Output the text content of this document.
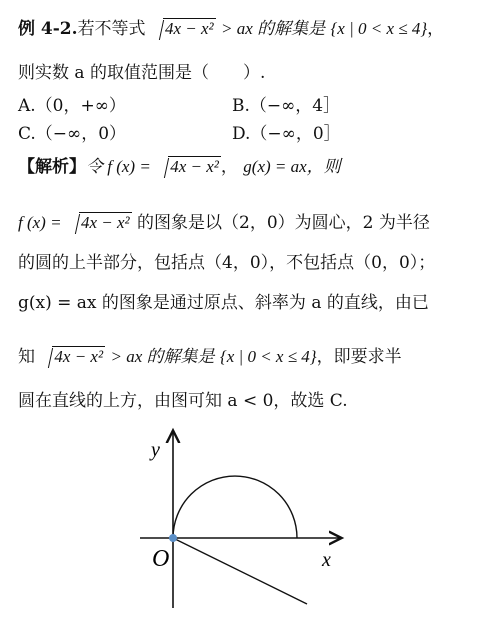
例 4-2.若不等式 4x − x² > ax 的解集是 {x | 0 < x ≤ 4}，
则实数 a 的取值范围是（　　）.
A.（0，+∞）	B.（−∞，4］
C.（−∞，0）	D.（−∞，0］
【解析】令 f (x) = 4x − x² ， g(x) = ax，则
f (x) = 4x − x² 的图象是以（2，0）为圆心，2 为半径
的圆的上半部分，包括点（4，0），不包括点（0，0）；
g(x) = ax 的图象是通过原点、斜率为 a 的直线，由已
知 4x − x² > ax 的解集是 {x | 0 < x ≤ 4}，即要求半
圆在直线的上方，由图可知 a < 0，故选 C.
y
x
O
